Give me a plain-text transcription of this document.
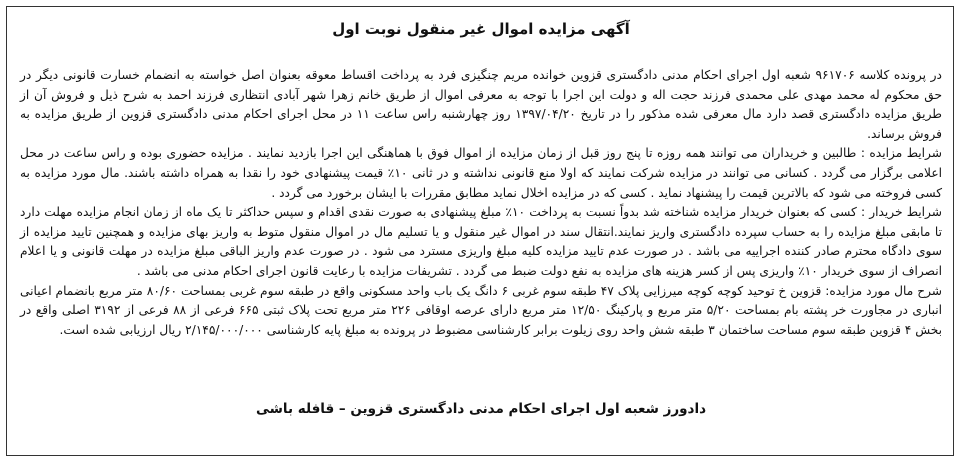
آگهی مزایده اموال غیر منقول نوبت اول

در پرونده کلاسه ۹۶۱۷۰۶ شعبه اول اجرای احکام مدنی دادگستری قزوین خوانده مریم چنگیزی فرد به پرداخت اقساط معوقه بعنوان اصل خواسته به انضمام خسارت قانونی دیگر در حق محکوم له محمد مهدی علی محمدی فرزند حجت اله و دولت این اجرا با توجه به معرفی اموال از طریق خانم زهرا شهر آبادی انتظاری فرزند احمد به شرح ذیل و فروش آن از طریق مزایده دادگستری قصد دارد مال معرفی شده مذکور را در تاریخ ۱۳۹۷/۰۴/۲۰ روز چهارشنبه راس ساعت ۱۱ در محل اجرای احکام مدنی دادگستری قزوین از طریق مزایده به فروش برساند.

شرایط مزایده : طالبین و خریداران می توانند همه روزه تا پنج روز قبل از زمان مزایده از اموال فوق با هماهنگی این اجرا بازدید نمایند . مزایده حضوری بوده و راس ساعت در محل اعلامی برگزار می گردد . کسانی می توانند در مزایده شرکت نمایند که اولا منع قانونی نداشته و در ثانی ۱۰٪ قیمت پیشنهادی خود را نقدا به همراه داشته باشند. مال مورد مزایده به کسی فروخته می شود که بالاترین قیمت را پیشنهاد نماید . کسی که در مزایده اخلال نماید مطابق مقررات با ایشان برخورد می گردد .

شرایط خریدار : کسی که بعنوان خریدار مزایده شناخته شد بدواً نسبت به پرداخت ۱۰٪ مبلغ پیشنهادی به صورت نقدی اقدام و سپس حداکثر تا یک ماه از زمان انجام مزایده مهلت دارد تا مابقی مبلغ مزایده را به حساب سپرده دادگستری واریز نمایند.انتقال سند در اموال غیر منقول و یا تسلیم مال در اموال منقول متوط به واریز بهای مزایده و همچنین تایید مزایده از سوی دادگاه محترم صادر کننده اجراییه می باشد . در صورت عدم تایید مزایده کلیه مبلغ واریزی مسترد می شود . در صورت عدم واریز الباقی مبلغ مزایده در مهلت قانونی و یا اعلام انصراف از سوی خریدار ۱۰٪ واریزی پس از کسر هزینه های مزایده به نفع دولت ضبط می گردد . تشریفات مزایده با رعایت قانون اجرای احکام مدنی می باشد .

شرح مال مورد مزایده: قزوین خ توحید کوچه کوچه میرزایی پلاک ۴۷ طبقه سوم غربی ۶ دانگ یک باب واحد مسکونی واقع در طبقه سوم غربی بمساحت ۸۰/۶۰ متر مربع بانضمام اعیانی انباری در مجاورت خر پشته بام بمساحت ۵/۲۰ متر مربع و پارکینگ ۱۲/۵۰ متر مربع دارای عرصه اوقافی ۲۲۶ متر مربع تحت پلاک ثبتی ۶۶۵ فرعی از ۸۸ فرعی از ۳۱۹۲ اصلی واقع در بخش ۴ قزوین طبقه سوم مساحت ساختمان ۳ طبقه شش واحد روی زیلوت برابر کارشناسی مضبوط در پرونده به مبلغ پایه کارشناسی ۲/۱۴۵/۰۰۰/۰۰۰ ریال ارزیابی شده است.

۰۲۱-۸۸۳۴۹۶۷۰-۵
دادورز شعبه اول اجرای احکام مدنی دادگستری قزوین – قافله باشی
